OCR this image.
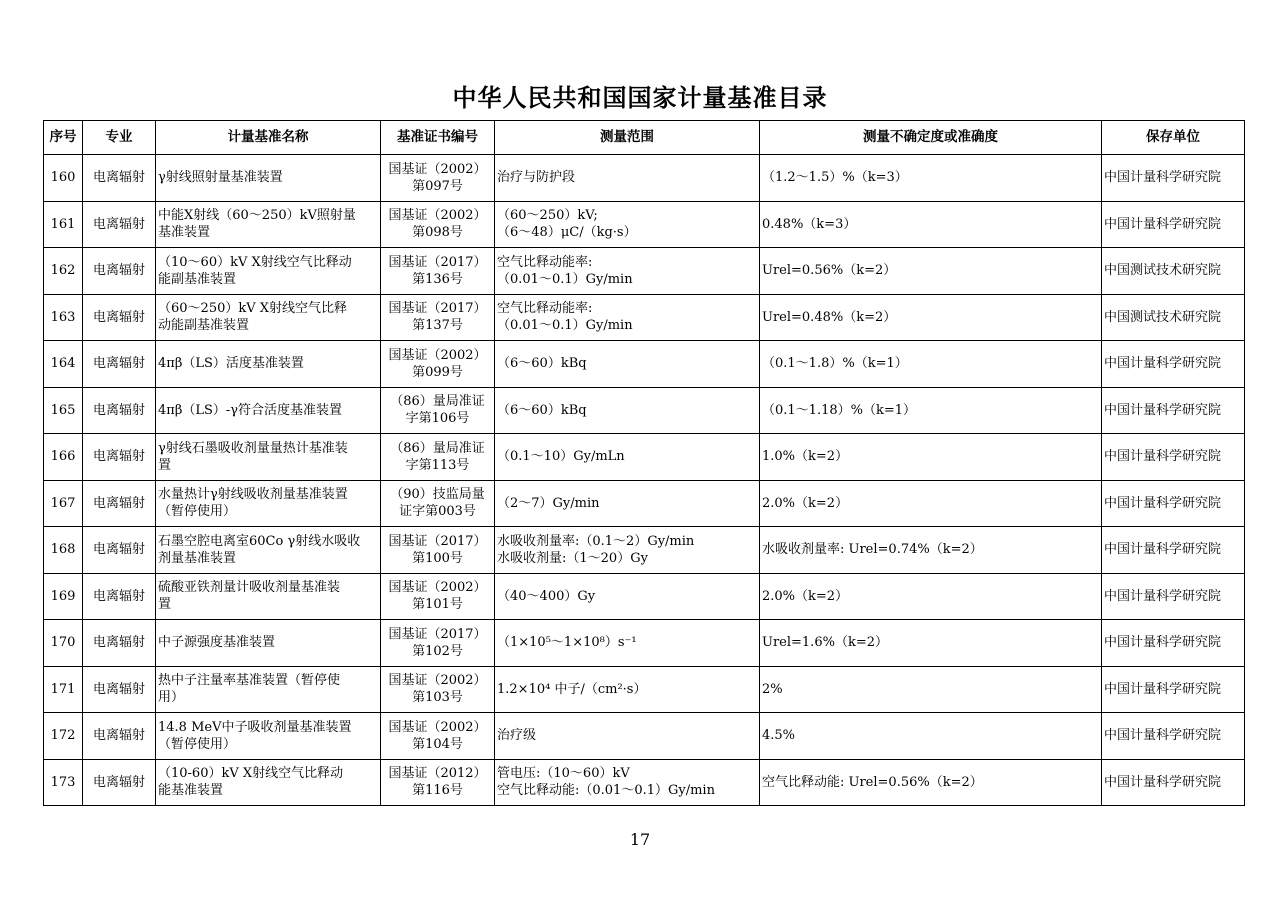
中华人民共和国国家计量基准目录
序号	专业	计量基准名称	基准证书编号	测量范围	测量不确定度或准确度	保存单位
160	电离辐射	γ射线照射量基准装置	国基证（2002）
第097号	治疗与防护段	（1.2～1.5）%（k=3）	中国计量科学研究院
161	电离辐射	中能X射线（60～250）kV照射量
基准装置	国基证（2002）
第098号	（60～250）kV;
（6～48）μC/（kg·s）	0.48%（k=3）	中国计量科学研究院
162	电离辐射	（10～60）kV X射线空气比释动
能副基准装置	国基证（2017）
第136号	空气比释动能率:
（0.01～0.1）Gy/min	Urel=0.56%（k=2）	中国测试技术研究院
163	电离辐射	（60～250）kV X射线空气比释
动能副基准装置	国基证（2017）
第137号	空气比释动能率:
（0.01～0.1）Gy/min	Urel=0.48%（k=2）	中国测试技术研究院
164	电离辐射	4πβ（LS）活度基准装置	国基证（2002）
第099号	（6～60）kBq	（0.1～1.8）%（k=1）	中国计量科学研究院
165	电离辐射	4πβ（LS）-γ符合活度基准装置	（86）量局准证
字第106号	（6～60）kBq	（0.1～1.18）%（k=1）	中国计量科学研究院
166	电离辐射	γ射线石墨吸收剂量量热计基准装
置	（86）量局准证
字第113号	（0.1～10）Gy/mLn	1.0%（k=2）	中国计量科学研究院
167	电离辐射	水量热计γ射线吸收剂量基准装置
（暂停使用）	（90）技监局量
证字第003号	（2～7）Gy/min	2.0%（k=2）	中国计量科学研究院
168	电离辐射	石墨空腔电离室60Co γ射线水吸收
剂量基准装置	国基证（2017）
第100号	水吸收剂量率:（0.1～2）Gy/min
水吸收剂量:（1～20）Gy	水吸收剂量率: Urel=0.74%（k=2）	中国计量科学研究院
169	电离辐射	硫酸亚铁剂量计吸收剂量基准装
置	国基证（2002）
第101号	（40～400）Gy	2.0%（k=2）	中国计量科学研究院
170	电离辐射	中子源强度基准装置	国基证（2017）
第102号	（1×10⁵～1×10⁸）s⁻¹	Urel=1.6%（k=2）	中国计量科学研究院
171	电离辐射	热中子注量率基准装置（暂停使
用）	国基证（2002）
第103号	1.2×10⁴ 中子/（cm²·s）	2%	中国计量科学研究院
172	电离辐射	14.8 MeV中子吸收剂量基准装置
（暂停使用）	国基证（2002）
第104号	治疗级	4.5%	中国计量科学研究院
173	电离辐射	（10-60）kV X射线空气比释动
能基准装置	国基证（2012）
第116号	管电压:（10～60）kV
空气比释动能:（0.01～0.1）Gy/min	空气比释动能: Urel=0.56%（k=2）	中国计量科学研究院
17
